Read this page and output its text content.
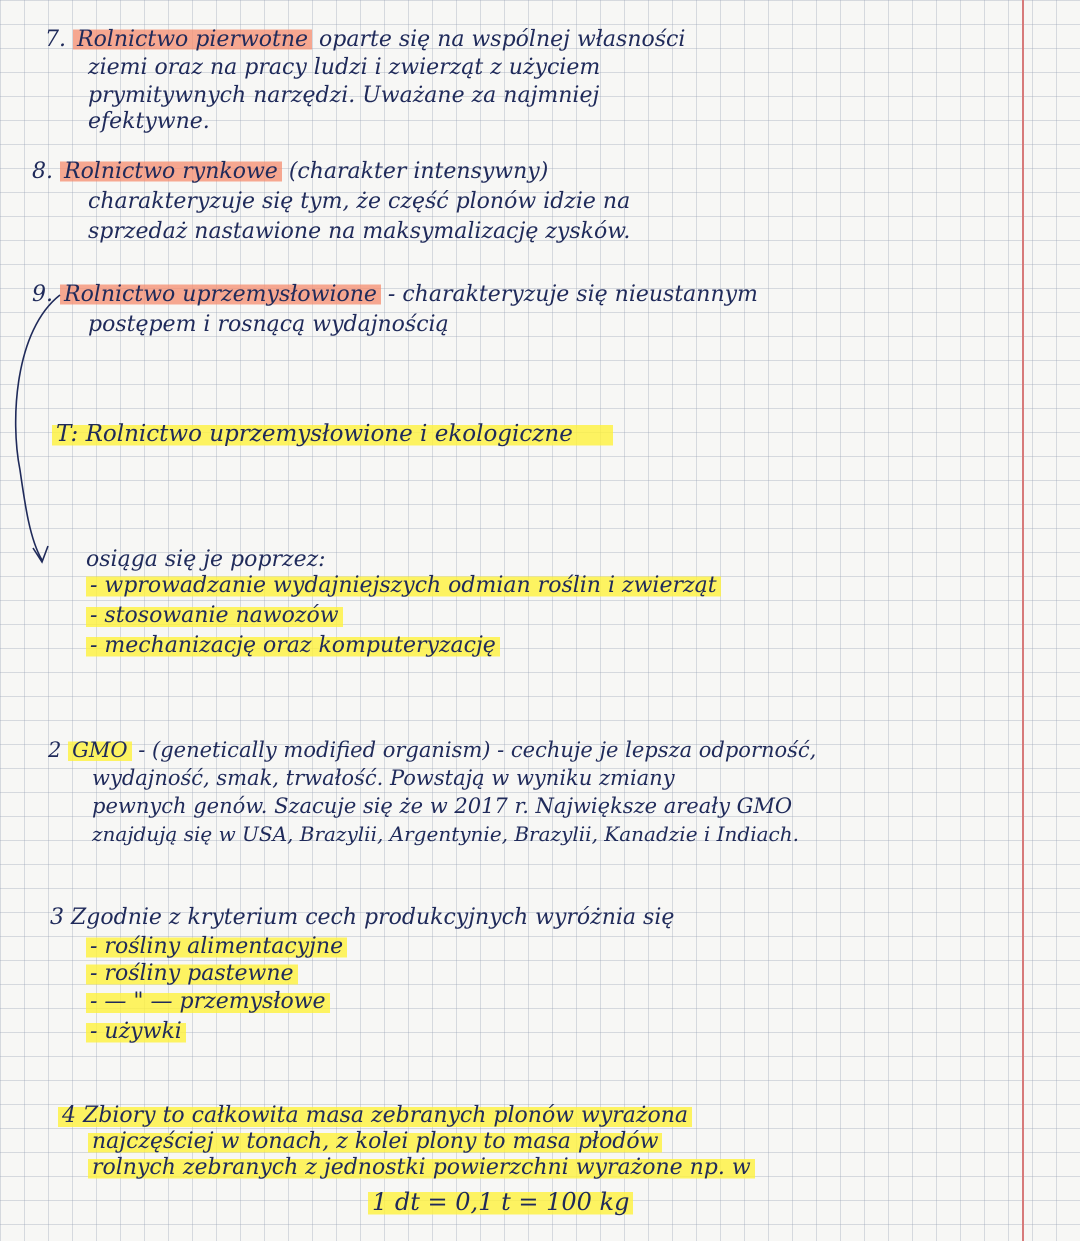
7. Rolnictwo pierwotne oparte się na wspólnej własności
ziemi oraz na pracy ludzi i zwierząt z użyciem
prymitywnych narzędzi. Uważane za najmniej
efektywne.
8. Rolnictwo rynkowe (charakter intensywny)
charakteryzuje się tym, że część plonów idzie na
sprzedaż nastawione na maksymalizację zysków.
9. Rolnictwo uprzemysłowione - charakteryzuje się nieustannym
postępem i rosnącą wydajnością
T: Rolnictwo uprzemysłowione i ekologiczne
osiąga się je poprzez:
- wprowadzanie wydajniejszych odmian roślin i zwierząt
- stosowanie nawozów
- mechanizację oraz komputeryzację
2 GMO - (genetically modified organism) - cechuje je lepsza odporność,
wydajność, smak, trwałość. Powstają w wyniku zmiany
pewnych genów. Szacuje się że w 2017 r. Największe areały GMO
znajdują się w USA, Brazylii, Argentynie, Brazylii, Kanadzie i Indiach.
3 Zgodnie z kryterium cech produkcyjnych wyróżnia się
- rośliny alimentacyjne
- rośliny pastewne
- — " — przemysłowe
- używki
4 Zbiory to całkowita masa zebranych plonów wyrażona
najczęściej w tonach, z kolei plony to masa płodów
rolnych zebranych z jednostki powierzchni wyrażone np. w
1 dt = 0,1 t = 100 kg
